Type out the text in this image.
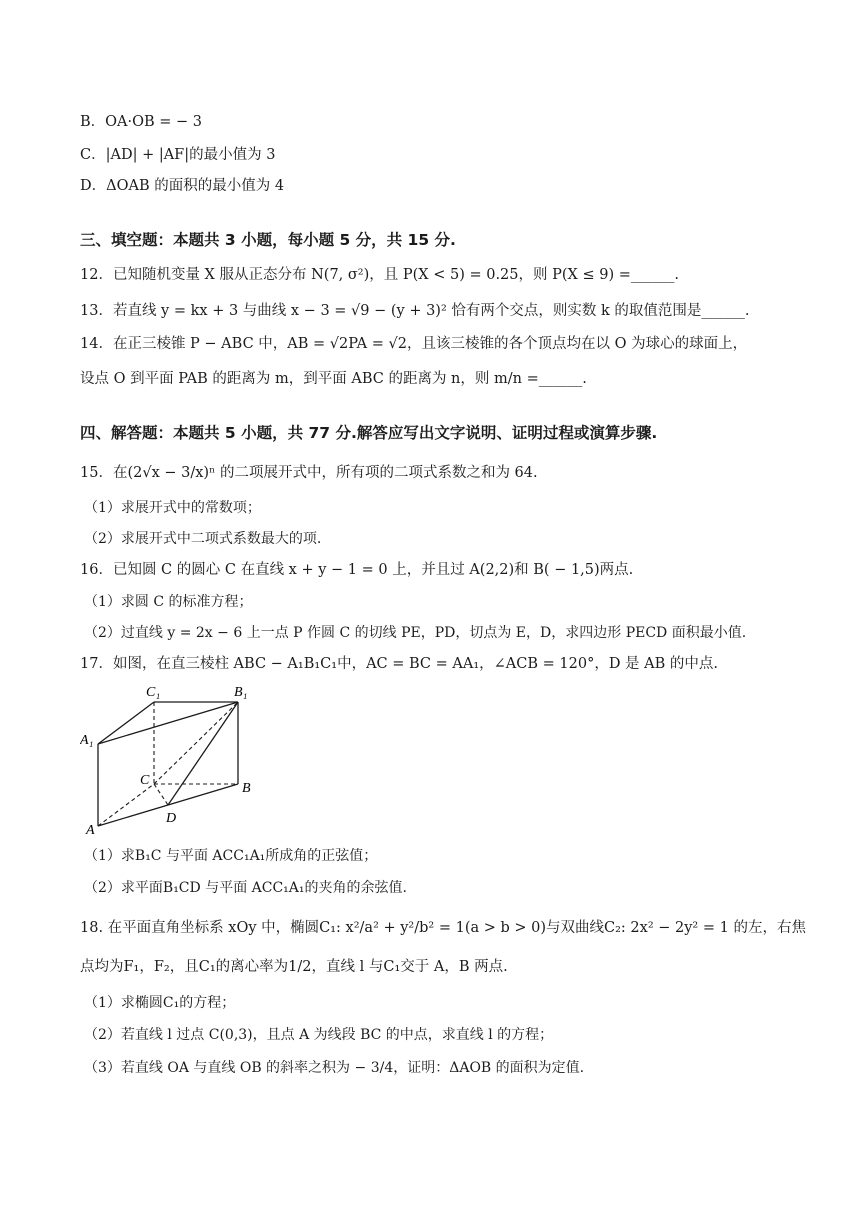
B．OA·OB = − 3
C．|AD| + |AF|的最小值为 3
D．ΔOAB 的面积的最小值为 4
三、填空题：本题共 3 小题，每小题 5 分，共 15 分.
12．已知随机变量 X 服从正态分布 N(7, σ²)，且 P(X < 5) = 0.25，则 P(X ≤ 9) =______.
13．若直线 y = kx + 3 与曲线 x − 3 = √9 − (y + 3)² 恰有两个交点，则实数 k 的取值范围是______.
14．在正三棱锥 P − ABC 中，AB = √2PA = √2，且该三棱锥的各个顶点均在以 O 为球心的球面上，
设点 O 到平面 PAB 的距离为 m，到平面 ABC 的距离为 n，则 m/n =______.
四、解答题：本题共 5 小题，共 77 分.解答应写出文字说明、证明过程或演算步骤.
15．在(2√x − 3/x)ⁿ 的二项展开式中，所有项的二项式系数之和为 64.
（1）求展开式中的常数项；
（2）求展开式中二项式系数最大的项.
16．已知圆 C 的圆心 C 在直线 x + y − 1 = 0 上，并且过 A(2,2)和 B( − 1,5)两点.
（1）求圆 C 的标准方程；
（2）过直线 y = 2x − 6 上一点 P 作圆 C 的切线 PE，PD，切点为 E，D，求四边形 PECD 面积最小值.
17．如图，在直三棱柱 ABC − A₁B₁C₁中，AC = BC = AA₁，∠ACB = 120°，D 是 AB 的中点.
C₁	B₁
A₁
C
B
A
D
（1）求B₁C 与平面 ACC₁A₁所成角的正弦值；
（2）求平面B₁CD 与平面 ACC₁A₁的夹角的余弦值.
18. 在平面直角坐标系 xOy 中，椭圆C₁: x²/a² + y²/b² = 1(a > b > 0)与双曲线C₂: 2x² − 2y² = 1 的左，右焦
点均为F₁，F₂，且C₁的离心率为1/2，直线 l 与C₁交于 A，B 两点.
（1）求椭圆C₁的方程；
（2）若直线 l 过点 C(0,3)，且点 A 为线段 BC 的中点，求直线 l 的方程；
（3）若直线 OA 与直线 OB 的斜率之积为 − 3/4，证明：ΔAOB 的面积为定值.
